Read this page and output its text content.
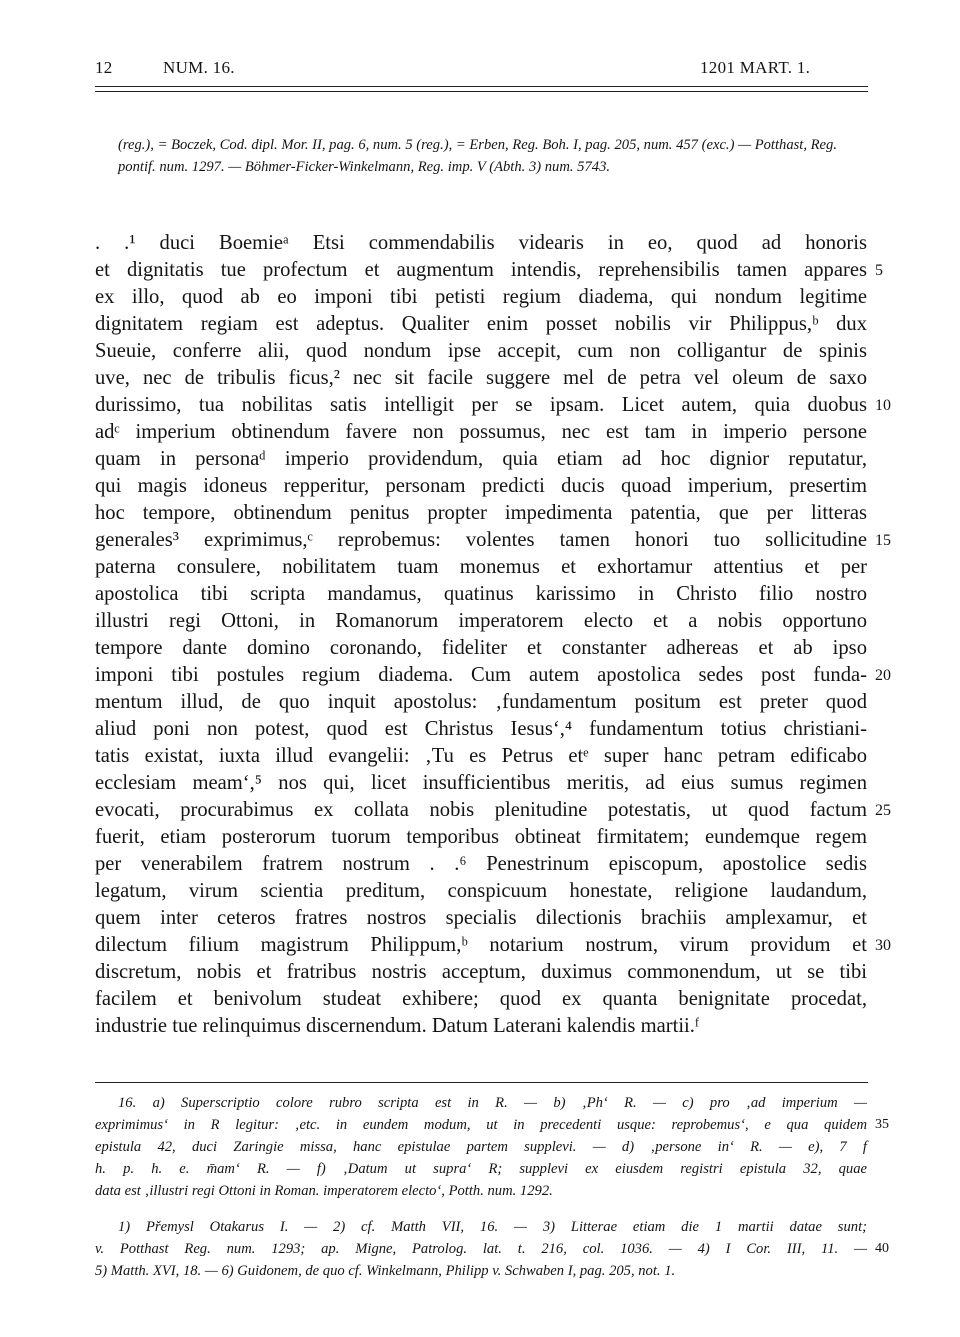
12	NUM. 16.	1201 MART. 1.
(reg.), = Boczek, Cod. dipl. Mor. II, pag. 6, num. 5 (reg.), = Erben, Reg. Boh. I, pag. 205, num. 457 (exc.) — Potthast, Reg. pontif. num. 1297. — Böhmer-Ficker-Winkelmann, Reg. imp. V (Abth. 3) num. 5743.
. .¹ duci Boemieᵃ Etsi commendabilis videaris in eo, quod ad honoris
et dignitatis tue profectum et augmentum intendis, reprehensibilis tamen appares
ex illo, quod ab eo imponi tibi petisti regium diadema, qui nondum legitime
dignitatem regiam est adeptus. Qualiter enim posset nobilis vir Philippus,ᵇ dux
Sueuie, conferre alii, quod nondum ipse accepit, cum non colligantur de spinis
uve, nec de tribulis ficus,² nec sit facile suggere mel de petra vel oleum de saxo
durissimo, tua nobilitas satis intelligit per se ipsam. Licet autem, quia duobus
adᶜ imperium obtinendum favere non possumus, nec est tam in imperio persone
quam in personaᵈ imperio providendum, quia etiam ad hoc dignior reputatur,
qui magis idoneus repperitur, personam predicti ducis quoad imperium, presertim
hoc tempore, obtinendum penitus propter impedimenta patentia, que per litteras
generales³ exprimimus,ᶜ reprobemus: volentes tamen honori tuo sollicitudine
paterna consulere, nobilitatem tuam monemus et exhortamur attentius et per
apostolica tibi scripta mandamus, quatinus karissimo in Christo filio nostro
illustri regi Ottoni, in Romanorum imperatorem electo et a nobis opportuno
tempore dante domino coronando, fideliter et constanter adhereas et ab ipso
imponi tibi postules regium diadema. Cum autem apostolica sedes post funda-
mentum illud, de quo inquit apostolus: ‚fundamentum positum est preter quod
aliud poni non potest, quod est Christus Iesus‘,⁴ fundamentum totius christiani-
tatis existat, iuxta illud evangelii: ‚Tu es Petrus etᵉ super hanc petram edificabo
ecclesiam meam‘,⁵ nos qui, licet insufficientibus meritis, ad eius sumus regimen
evocati, procurabimus ex collata nobis plenitudine potestatis, ut quod factum
fuerit, etiam posterorum tuorum temporibus obtineat firmitatem; eundemque regem
per venerabilem fratrem nostrum . .⁶ Penestrinum episcopum, apostolice sedis
legatum, virum scientia preditum, conspicuum honestate, religione laudandum,
quem inter ceteros fratres nostros specialis dilectionis brachiis amplexamur, et
dilectum filium magistrum Philippum,ᵇ notarium nostrum, virum providum et
discretum, nobis et fratribus nostris acceptum, duximus commonendum, ut se tibi
facilem et benivolum studeat exhibere; quod ex quanta benignitate procedat,
industrie tue relinquimus discernendum. Datum Laterani kalendis martii.ᶠ
5
10
15
20
25
30
16. a) Superscriptio colore rubro scripta est in R. — b) ‚Ph‘ R. — c) pro ‚ad imperium —
exprimimus‘ in R legitur: ‚etc. in eundem modum, ut in precedenti usque: reprobemus‘, e qua quidem
epistula 42, duci Zaringie missa, hanc epistulae partem supplevi. — d) ‚persone in‘ R. — e), 7 f
h. p. h. e. m̄am‘ R. — f) ‚Datum ut supra‘ R; supplevi ex eiusdem registri epistula 32, quae
data est ‚illustri regi Ottoni in Roman. imperatorem electo‘, Potth. num. 1292.
35
1) Přemysl Otakarus I. — 2) cf. Matth VII, 16. — 3) Litterae etiam die 1 martii datae sunt;
v. Potthast Reg. num. 1293; ap. Migne, Patrolog. lat. t. 216, col. 1036. — 4) I Cor. III, 11. —
5) Matth. XVI, 18. — 6) Guidonem, de quo cf. Winkelmann, Philipp v. Schwaben I, pag. 205, not. 1.
40
